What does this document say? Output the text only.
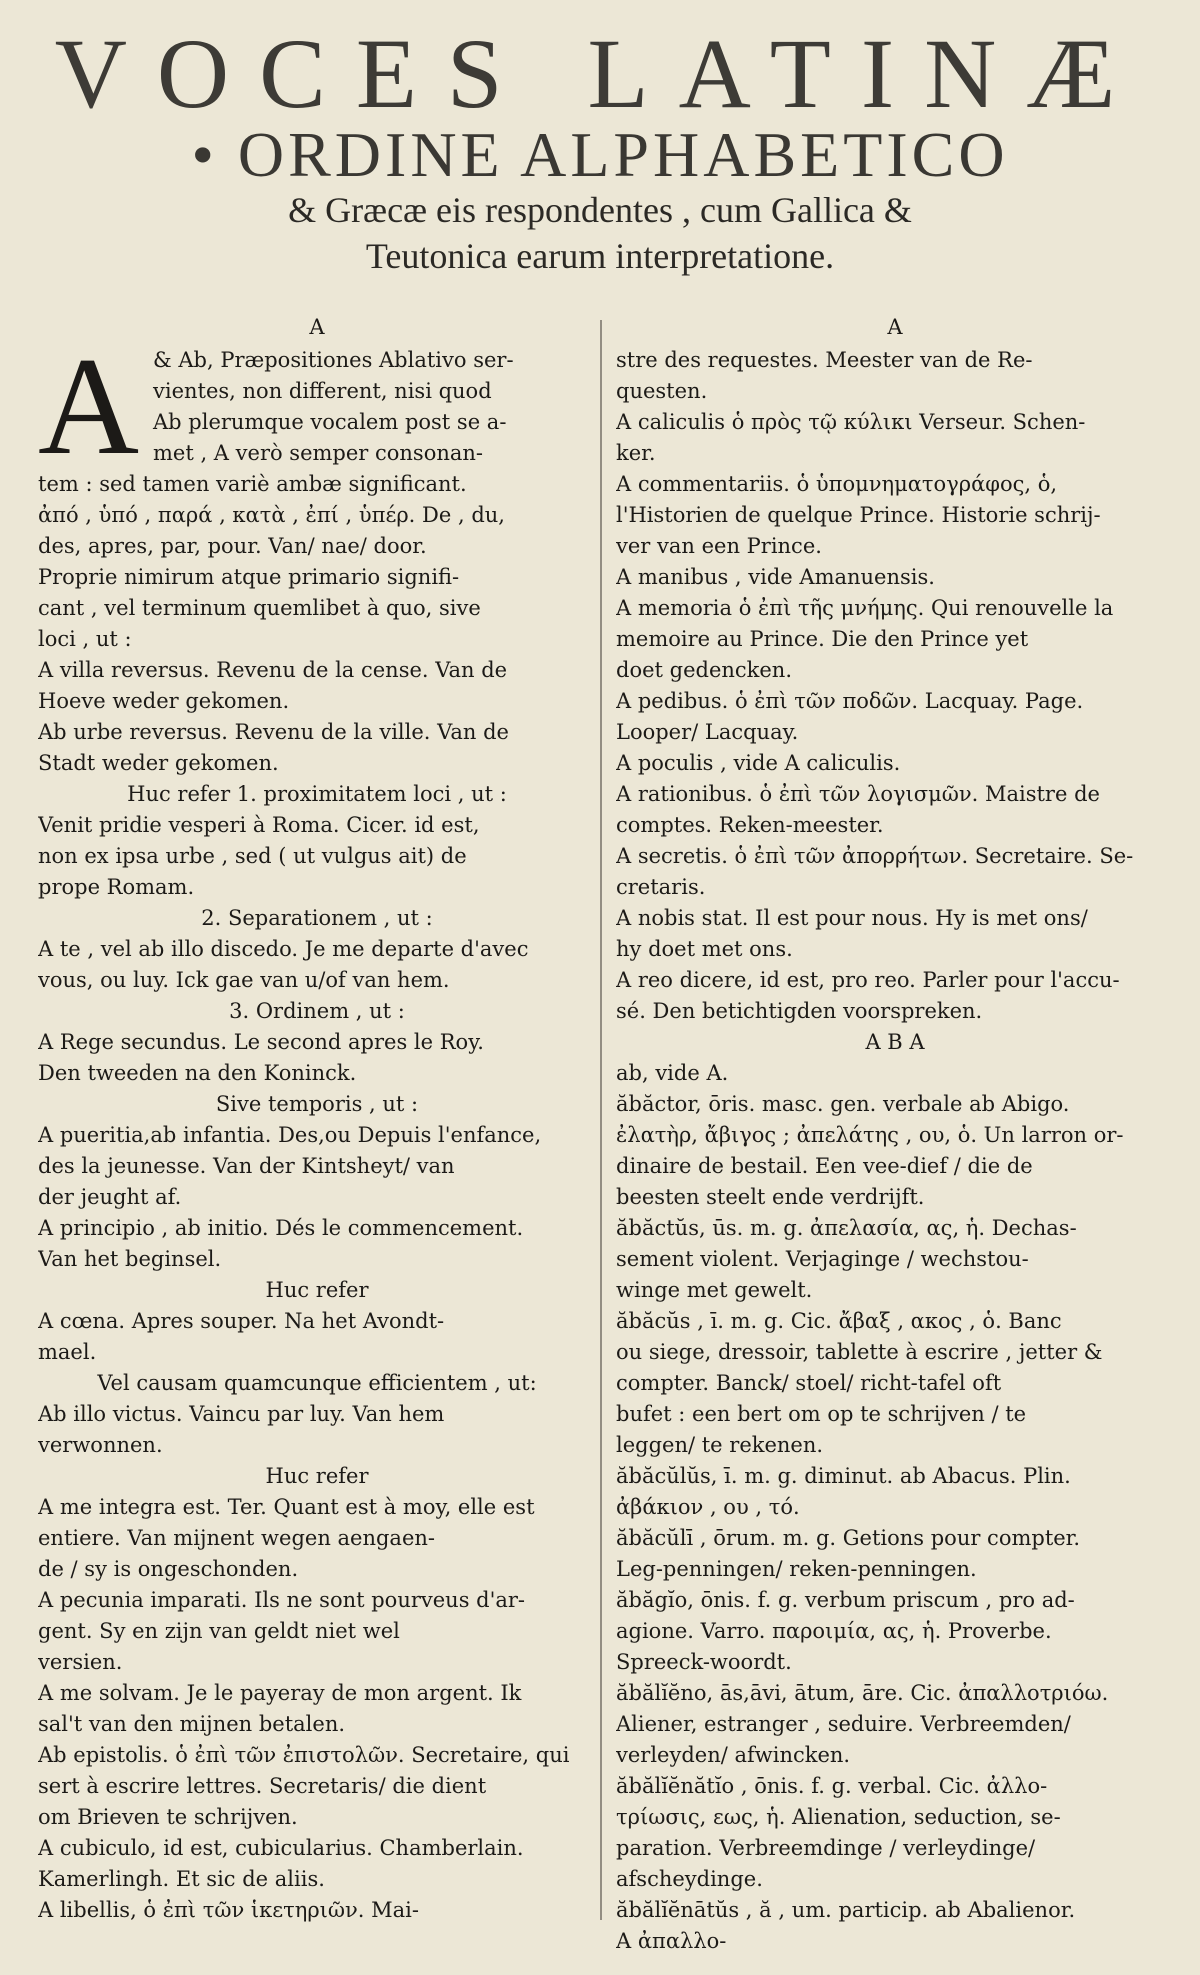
VOCES LATINÆ
• ORDINE ALPHABETICO
& Græcæ eis respondentes , cum Gallica &
Teutonica earum interpretatione.
A
A & Ab, Præpositiones Ablativo ser-
vientes, non different, nisi quod
Ab plerumque vocalem post se a-
met , A verò semper consonan-
tem : sed tamen variè ambæ significant.
ἀπό , ὑπό , παρά , κατὰ , ἐπί , ὑπέρ. De , du,
des, apres, par, pour. Van/ nae/ door.
Proprie nimirum atque primario signifi-
cant , vel terminum quemlibet à quo, sive
loci , ut :
A villa reversus. Revenu de la cense. Van de
Hoeve weder gekomen.
Ab urbe reversus. Revenu de la ville. Van de
Stadt weder gekomen.
Huc refer 1. proximitatem loci , ut :
Venit pridie vesperi à Roma. Cicer. id est,
non ex ipsa urbe , sed ( ut vulgus ait) de
prope Romam.
2. Separationem , ut :
A te , vel ab illo discedo. Je me departe d'avec
vous, ou luy. Ick gae van u/of van hem.
3. Ordinem , ut :
A Rege secundus. Le second apres le Roy.
Den tweeden na den Koninck.
Sive temporis , ut :
A pueritia,ab infantia. Des,ou Depuis l'enfance,
des la jeunesse. Van der Kintsheyt/ van
der jeught af.
A principio , ab initio. Dés le commencement.
Van het beginsel.
Huc refer
A cœna. Apres souper. Na het Avondt-
mael.
Vel causam quamcunque efficientem , ut:
Ab illo victus. Vaincu par luy. Van hem
verwonnen.
Huc refer
A me integra est. Ter. Quant est à moy, elle est
entiere. Van mijnent wegen aengaen-
de / sy is ongeschonden.
A pecunia imparati. Ils ne sont pourveus d'ar-
gent. Sy en zijn van geldt niet wel
versien.
A me solvam. Je le payeray de mon argent. Ik
sal't van den mijnen betalen.
Ab epistolis. ὁ ἐπὶ τῶν ἐπιστολῶν. Secretaire, qui
sert à escrire lettres. Secretaris/ die dient
om Brieven te schrijven.
A cubiculo, id est, cubicularius. Chamberlain.
Kamerlingh. Et sic de aliis.
A libellis, ὁ ἐπὶ τῶν ἱκετηριῶν. Mai-
A
stre des requestes. Meester van de Re-
questen.
A caliculis ὁ πρὸς τῷ κύλικι Verseur. Schen-
ker.
A commentariis. ὁ ὑπομνηματογράφος, ὁ,
l'Historien de quelque Prince. Historie schrij-
ver van een Prince.
A manibus , vide Amanuensis.
A memoria ὁ ἐπὶ τῆς μνήμης. Qui renouvelle la
memoire au Prince. Die den Prince yet
doet gedencken.
A pedibus. ὁ ἐπὶ τῶν ποδῶν. Lacquay. Page.
Looper/ Lacquay.
A poculis , vide A caliculis.
A rationibus. ὁ ἐπὶ τῶν λογισμῶν. Maistre de
comptes. Reken-meester.
A secretis. ὁ ἐπὶ τῶν ἀπορρήτων. Secretaire. Se-
cretaris.
A nobis stat. Il est pour nous. Hy is met ons/
hy doet met ons.
A reo dicere, id est, pro reo. Parler pour l'accu-
sé. Den betichtigden voorspreken.
A B A
ab, vide A.
ăbăctor, ōris. masc. gen. verbale ab Abigo.
ἐλατὴρ, ἄβιγος ; ἀπελάτης , ου, ὁ. Un larron or-
dinaire de bestail. Een vee-dief / die de
beesten steelt ende verdrijft.
ăbăctŭs, ūs. m. g. ἀπελασία, ας, ἡ. Dechas-
sement violent. Verjaginge / wechstou-
winge met gewelt.
ăbăcŭs , ī. m. g. Cic. ἄβαξ , ακος , ὁ. Banc
ou siege, dressoir, tablette à escrire , jetter &
compter. Banck/ stoel/ richt-tafel oft
bufet : een bert om op te schrijven / te
leggen/ te rekenen.
ăbăcŭlŭs, ī. m. g. diminut. ab Abacus. Plin.
ἀβάκιον , ου , τό.
ăbăcŭlī , ōrum. m. g. Getions pour compter.
Leg-penningen/ reken-penningen.
ăbăgĭo, ōnis. f. g. verbum priscum , pro ad-
agione. Varro. παροιμία, ας, ἡ. Proverbe.
Spreeck-woordt.
ăbălĭĕno, ās,āvi, ātum, āre. Cic. ἀπαλλοτριόω.
Aliener, estranger , seduire. Verbreemden/
verleyden/ afwincken.
ăbălĭĕnătĭo , ōnis. f. g. verbal. Cic. ἀλλο-
τρίωσις, εως, ἡ. Alienation, seduction, se-
paration. Verbreemdinge / verleydinge/
afscheydinge.
ăbălĭĕnātŭs , ă , um. particip. ab Abalienor.
A ἀπαλλο-
